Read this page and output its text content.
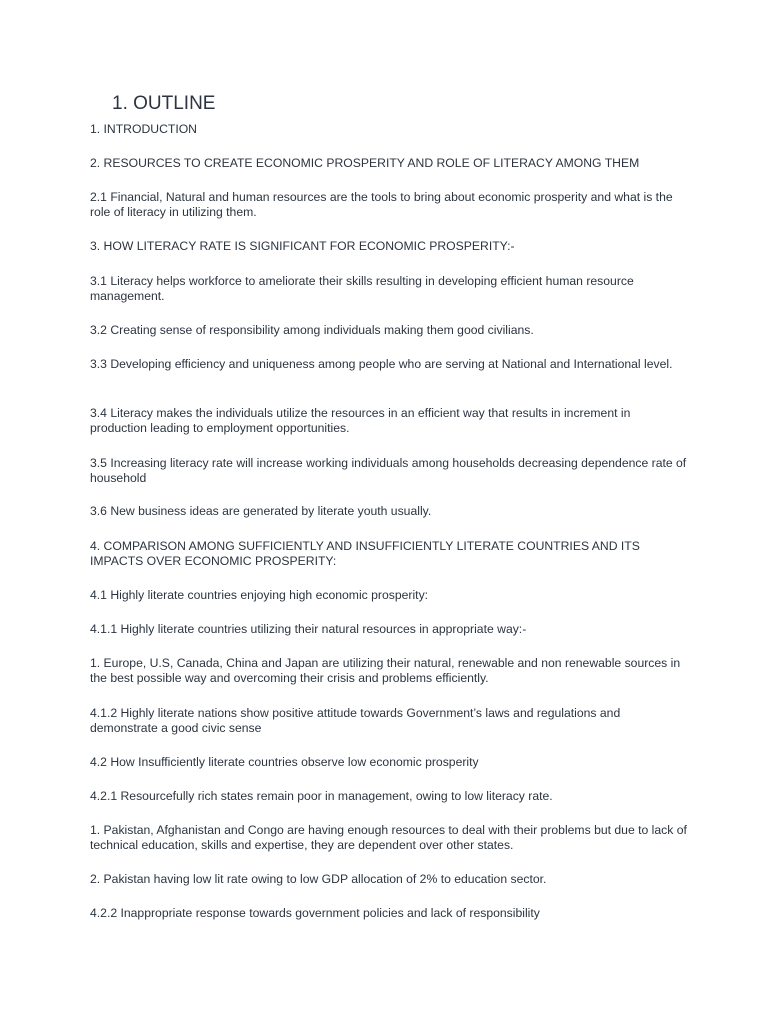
1. OUTLINE
1. INTRODUCTION
2. RESOURCES TO CREATE ECONOMIC PROSPERITY AND ROLE OF LITERACY AMONG THEM
2.1 Financial, Natural and human resources are the tools to bring about economic prosperity and what is the role of literacy in utilizing them.
3. HOW LITERACY RATE IS SIGNIFICANT FOR ECONOMIC PROSPERITY:-
3.1 Literacy helps workforce to ameliorate their skills resulting in developing efficient human resource management.
3.2 Creating sense of responsibility among individuals making them good civilians.
3.3 Developing efficiency and uniqueness among people who are serving at National and International level.
3.4 Literacy makes the individuals utilize the resources in an efficient way that results in increment in production leading to employment opportunities.
3.5 Increasing literacy rate will increase working individuals among households decreasing dependence rate of household
3.6 New business ideas are generated by literate youth usually.
4. COMPARISON AMONG SUFFICIENTLY AND INSUFFICIENTLY LITERATE COUNTRIES AND ITS IMPACTS OVER ECONOMIC PROSPERITY:
4.1 Highly literate countries enjoying high economic prosperity:
4.1.1 Highly literate countries utilizing their natural resources in appropriate way:-
1. Europe, U.S, Canada, China and Japan are utilizing their natural, renewable and non renewable sources in the best possible way and overcoming their crisis and problems efficiently.
4.1.2 Highly literate nations show positive attitude towards Government’s laws and regulations and demonstrate a good civic sense
4.2 How Insufficiently literate countries observe low economic prosperity
4.2.1 Resourcefully rich states remain poor in management, owing to low literacy rate.
1. Pakistan, Afghanistan and Congo are having enough resources to deal with their problems but due to lack of technical education, skills and expertise, they are dependent over other states.
2. Pakistan having low lit rate owing to low GDP allocation of 2% to education sector.
4.2.2 Inappropriate response towards government policies and lack of responsibility
